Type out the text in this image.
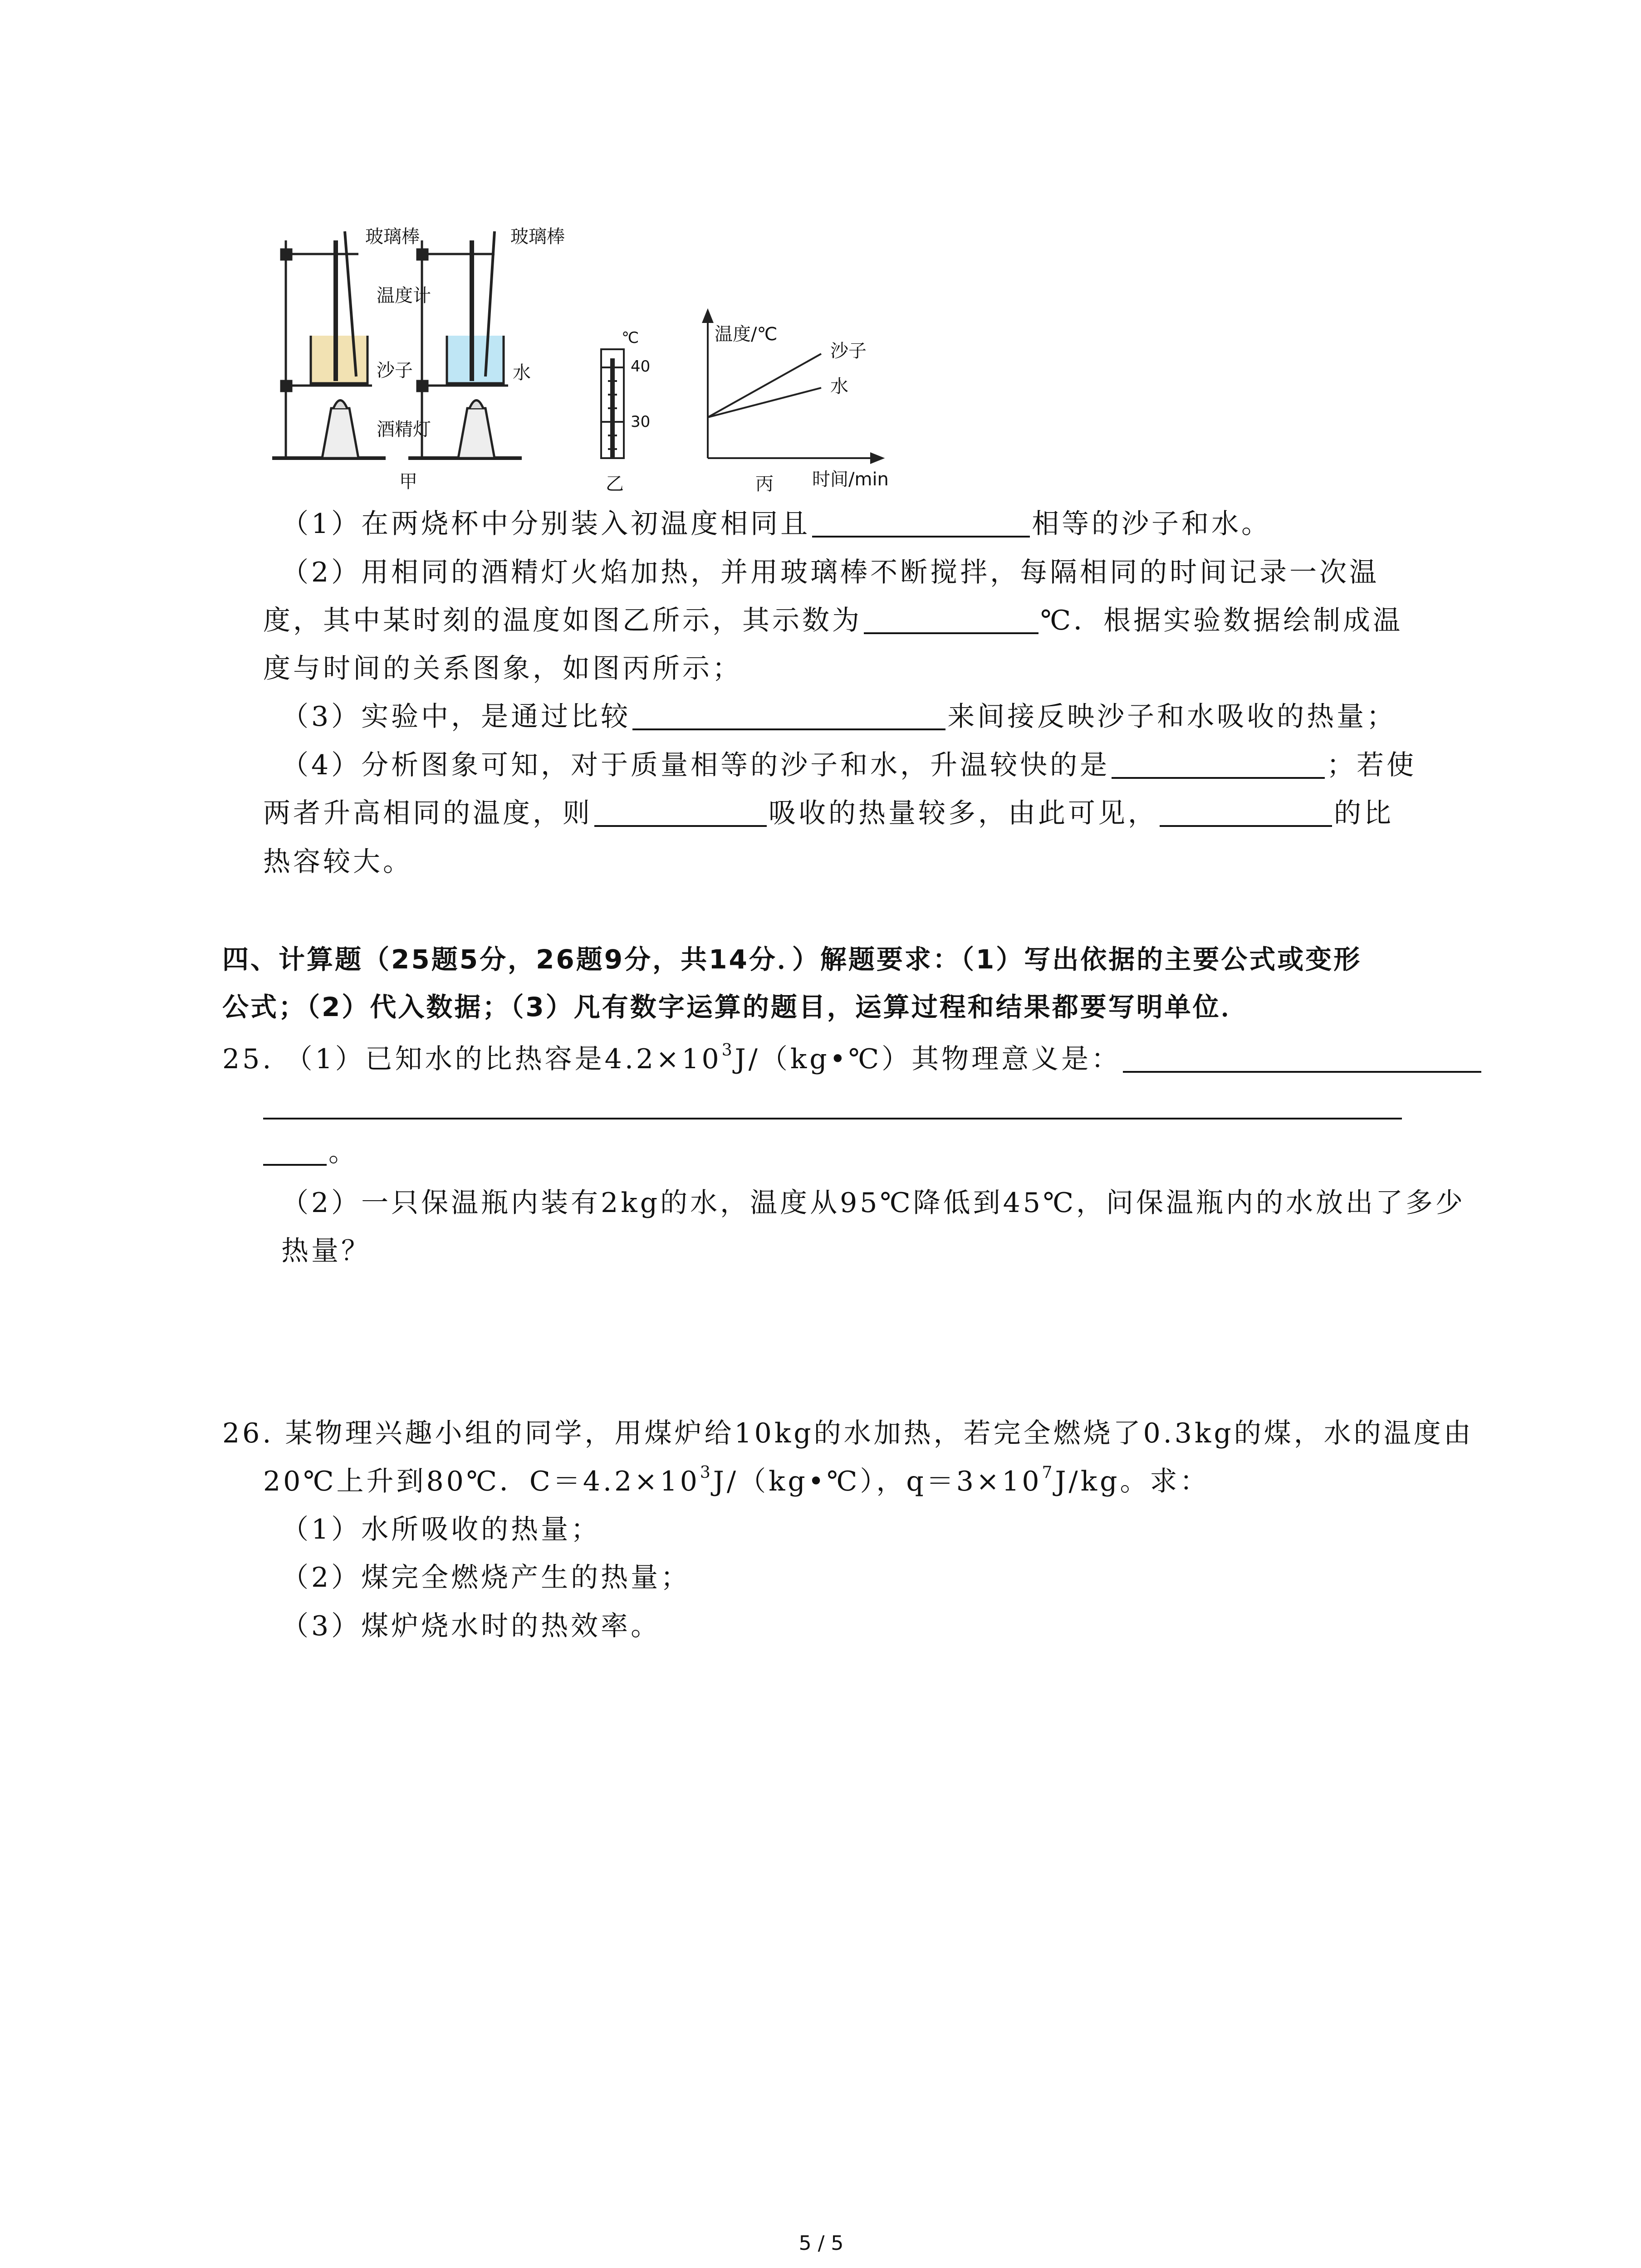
玻璃棒	玻璃棒
温度计
沙子	水
酒精灯
甲	乙	丙
℃
40
30
温度/℃
时间/min
沙子
水
（1）在两烧杯中分别装入初温度相同且	相等的沙子和水。
（2）用相同的酒精灯火焰加热，并用玻璃棒不断搅拌，每隔相同的时间记录一次温
度，其中某时刻的温度如图乙所示，其示数为	℃．根据实验数据绘制成温
度与时间的关系图象，如图丙所示；
（3）实验中，是通过比较	来间接反映沙子和水吸收的热量；
（4）分析图象可知，对于质量相等的沙子和水，升温较快的是	；若使
两者升高相同的温度，则	吸收的热量较多，由此可见，	的比
热容较大。
四、计算题（25题5分，26题9分，共14分．）解题要求：（1）写出依据的主要公式或变形
公式；（2）代入数据；（3）凡有数字运算的题目，运算过程和结果都要写明单位．
25. （1）已知水的比热容是$4.2\times 10^3J/(kg•℃)$其物理意义是：
。
（2）一只保温瓶内装有2kg的水，温度从95℃降低到45℃，问保温瓶内的水放出了多少
热量？
26. 某物理兴趣小组的同学，用煤炉给10kg的水加热，若完全燃烧了0.3kg的煤，水的温度由
20℃上升到80℃．$C=4.2\times 10^3J/(kg•℃)$，$q=3\times 10^7J/kg$。求：
（1）水所吸收的热量；
（2）煤完全燃烧产生的热量；
（3）煤炉烧水时的热效率。
5 / 5
